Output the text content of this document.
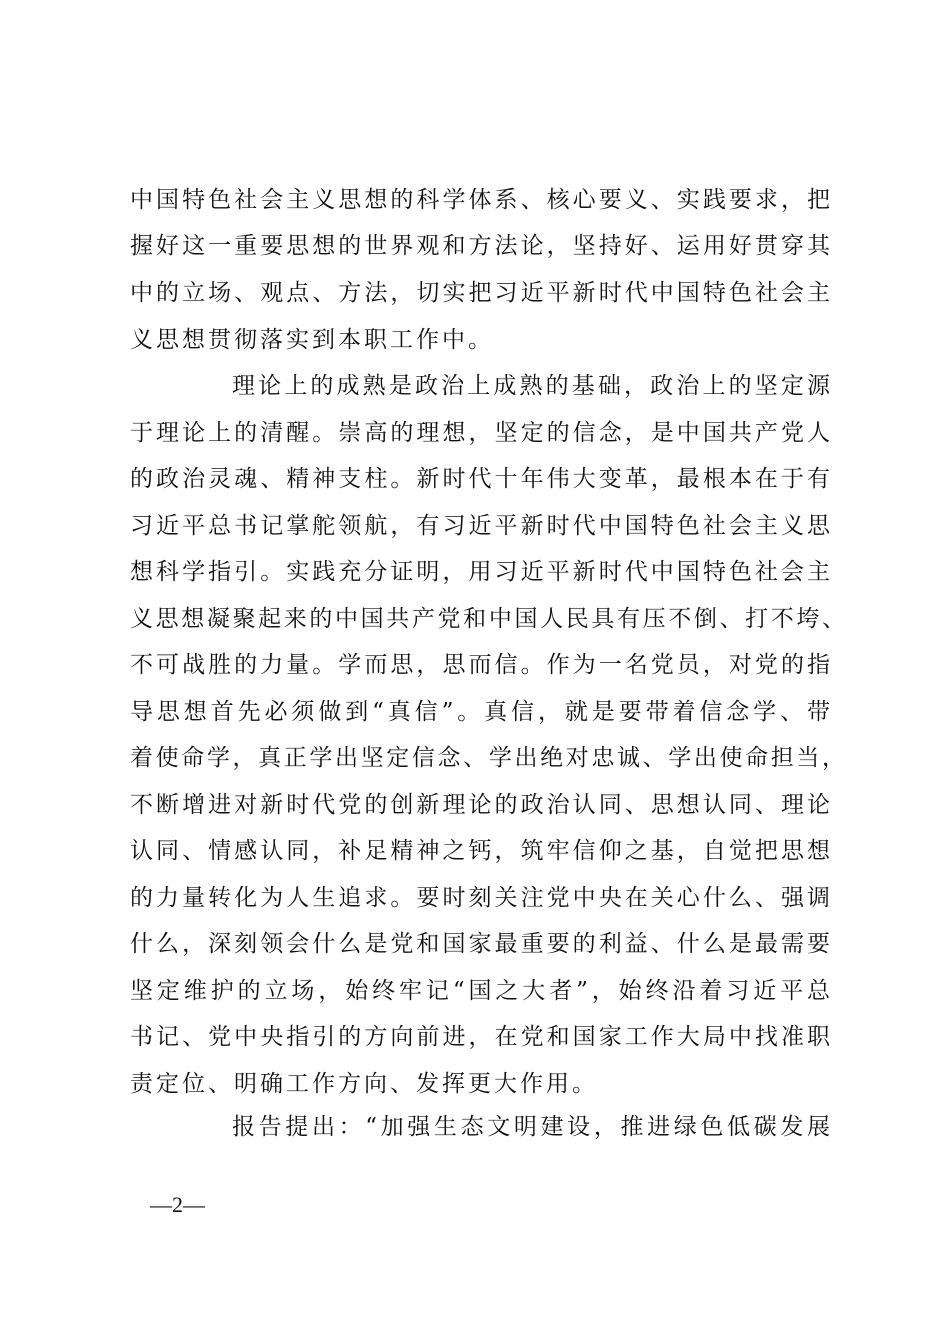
中国特色社会主义思想的科学体系、核心要义、实践要求，把
握好这一重要思想的世界观和方法论，坚持好、运用好贯穿其
中的立场、观点、方法，切实把习近平新时代中国特色社会主
义思想贯彻落实到本职工作中。
理论上的成熟是政治上成熟的基础，政治上的坚定源
于理论上的清醒。崇高的理想，坚定的信念，是中国共产党人
的政治灵魂、精神支柱。新时代十年伟大变革，最根本在于有
习近平总书记掌舵领航，有习近平新时代中国特色社会主义思
想科学指引。实践充分证明，用习近平新时代中国特色社会主
义思想凝聚起来的中国共产党和中国人民具有压不倒、打不垮、
不可战胜的力量。学而思，思而信。作为一名党员，对党的指
导思想首先必须做到“真信”。真信，就是要带着信念学、带
着使命学，真正学出坚定信念、学出绝对忠诚、学出使命担当，
不断增进对新时代党的创新理论的政治认同、思想认同、理论
认同、情感认同，补足精神之钙，筑牢信仰之基，自觉把思想
的力量转化为人生追求。要时刻关注党中央在关心什么、强调
什么，深刻领会什么是党和国家最重要的利益、什么是最需要
坚定维护的立场，始终牢记“国之大者”，始终沿着习近平总
书记、党中央指引的方向前进，在党和国家工作大局中找准职
责定位、明确工作方向、发挥更大作用。
报告提出：“加强生态文明建设，推进绿色低碳发展
—2—
